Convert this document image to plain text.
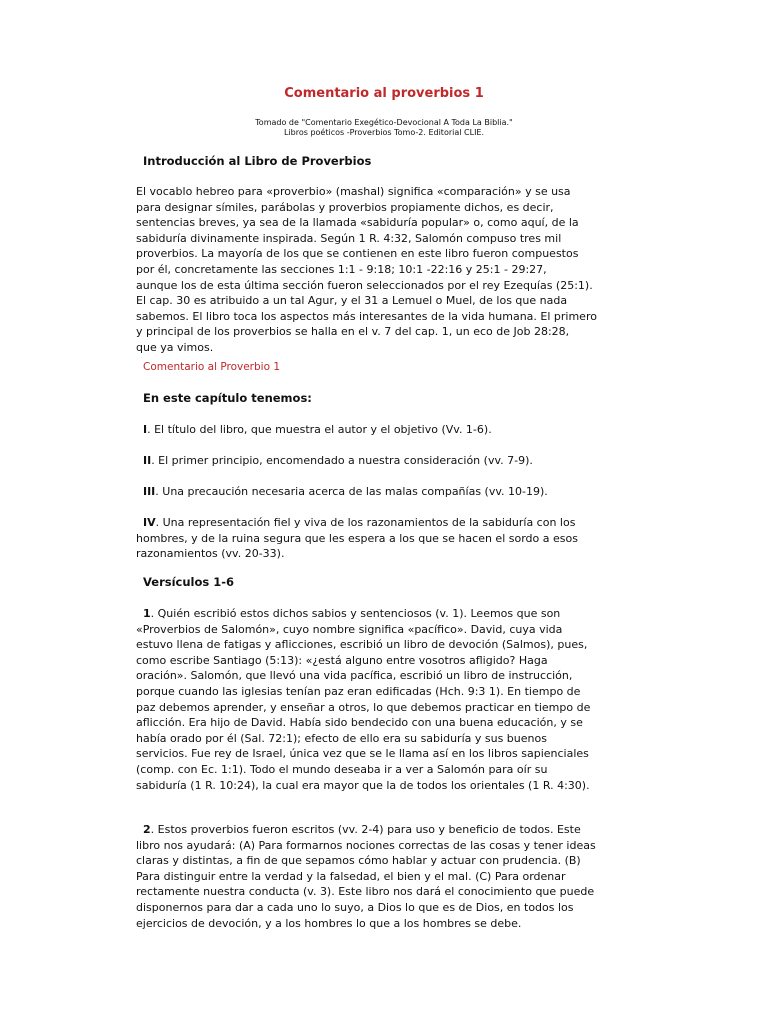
Comentario al proverbios 1
Tomado de "Comentario Exegético-Devocional A Toda La Biblia."
Libros poéticos -Proverbios Tomo-2. Editorial CLIE.
Introducción al Libro de Proverbios
El vocablo hebreo para «proverbio» (mashal) significa «comparación» y se usa
para designar símiles, parábolas y proverbios propiamente dichos, es decir,
sentencias breves, ya sea de la llamada «sabiduría popular» o, como aquí, de la
sabiduría divinamente inspirada. Según 1 R. 4:32, Salomón compuso tres mil
proverbios. La mayoría de los que se contienen en este libro fueron compuestos
por él, concretamente las secciones 1:1 - 9:18; 10:1 -22:16 y 25:1 - 29:27,
aunque los de esta última sección fueron seleccionados por el rey Ezequías (25:1).
El cap. 30 es atribuido a un tal Agur, y el 31 a Lemuel o Muel, de los que nada
sabemos. El libro toca los aspectos más interesantes de la vida humana. El primero
y principal de los proverbios se halla en el v. 7 del cap. 1, un eco de Job 28:28,
que ya vimos.
Comentario al Proverbio 1
En este capítulo tenemos:
I. El título del libro, que muestra el autor y el objetivo (Vv. 1-6).
II. El primer principio, encomendado a nuestra consideración (vv. 7-9).
III. Una precaución necesaria acerca de las malas compañías (vv. 10-19).
IV. Una representación fiel y viva de los razonamientos de la sabiduría con los
hombres, y de la ruina segura que les espera a los que se hacen el sordo a esos
razonamientos (vv. 20-33).
Versículos 1-6
1. Quién escribió estos dichos sabios y sentenciosos (v. 1). Leemos que son
«Proverbios de Salomón», cuyo nombre significa «pacífico». David, cuya vida
estuvo llena de fatigas y aflicciones, escribió un libro de devoción (Salmos), pues,
como escribe Santiago (5:13): «¿está alguno entre vosotros afligido? Haga
oración». Salomón, que llevó una vida pacífica, escribió un libro de instrucción,
porque cuando las iglesias tenían paz eran edificadas (Hch. 9:3 1). En tiempo de
paz debemos aprender, y enseñar a otros, lo que debemos practicar en tiempo de
aflicción. Era hijo de David. Había sido bendecido con una buena educación, y se
había orado por él (Sal. 72:1); efecto de ello era su sabiduría y sus buenos
servicios. Fue rey de Israel, única vez que se le llama así en los libros sapienciales
(comp. con Ec. 1:1). Todo el mundo deseaba ir a ver a Salomón para oír su
sabiduría (1 R. 10:24), la cual era mayor que la de todos los orientales (1 R. 4:30).
2. Estos proverbios fueron escritos (vv. 2-4) para uso y beneficio de todos. Este
libro nos ayudará: (A) Para formarnos nociones correctas de las cosas y tener ideas
claras y distintas, a fin de que sepamos cómo hablar y actuar con prudencia. (B)
Para distinguir entre la verdad y la falsedad, el bien y el mal. (C) Para ordenar
rectamente nuestra conducta (v. 3). Este libro nos dará el conocimiento que puede
disponernos para dar a cada uno lo suyo, a Dios lo que es de Dios, en todos los
ejercicios de devoción, y a los hombres lo que a los hombres se debe.
